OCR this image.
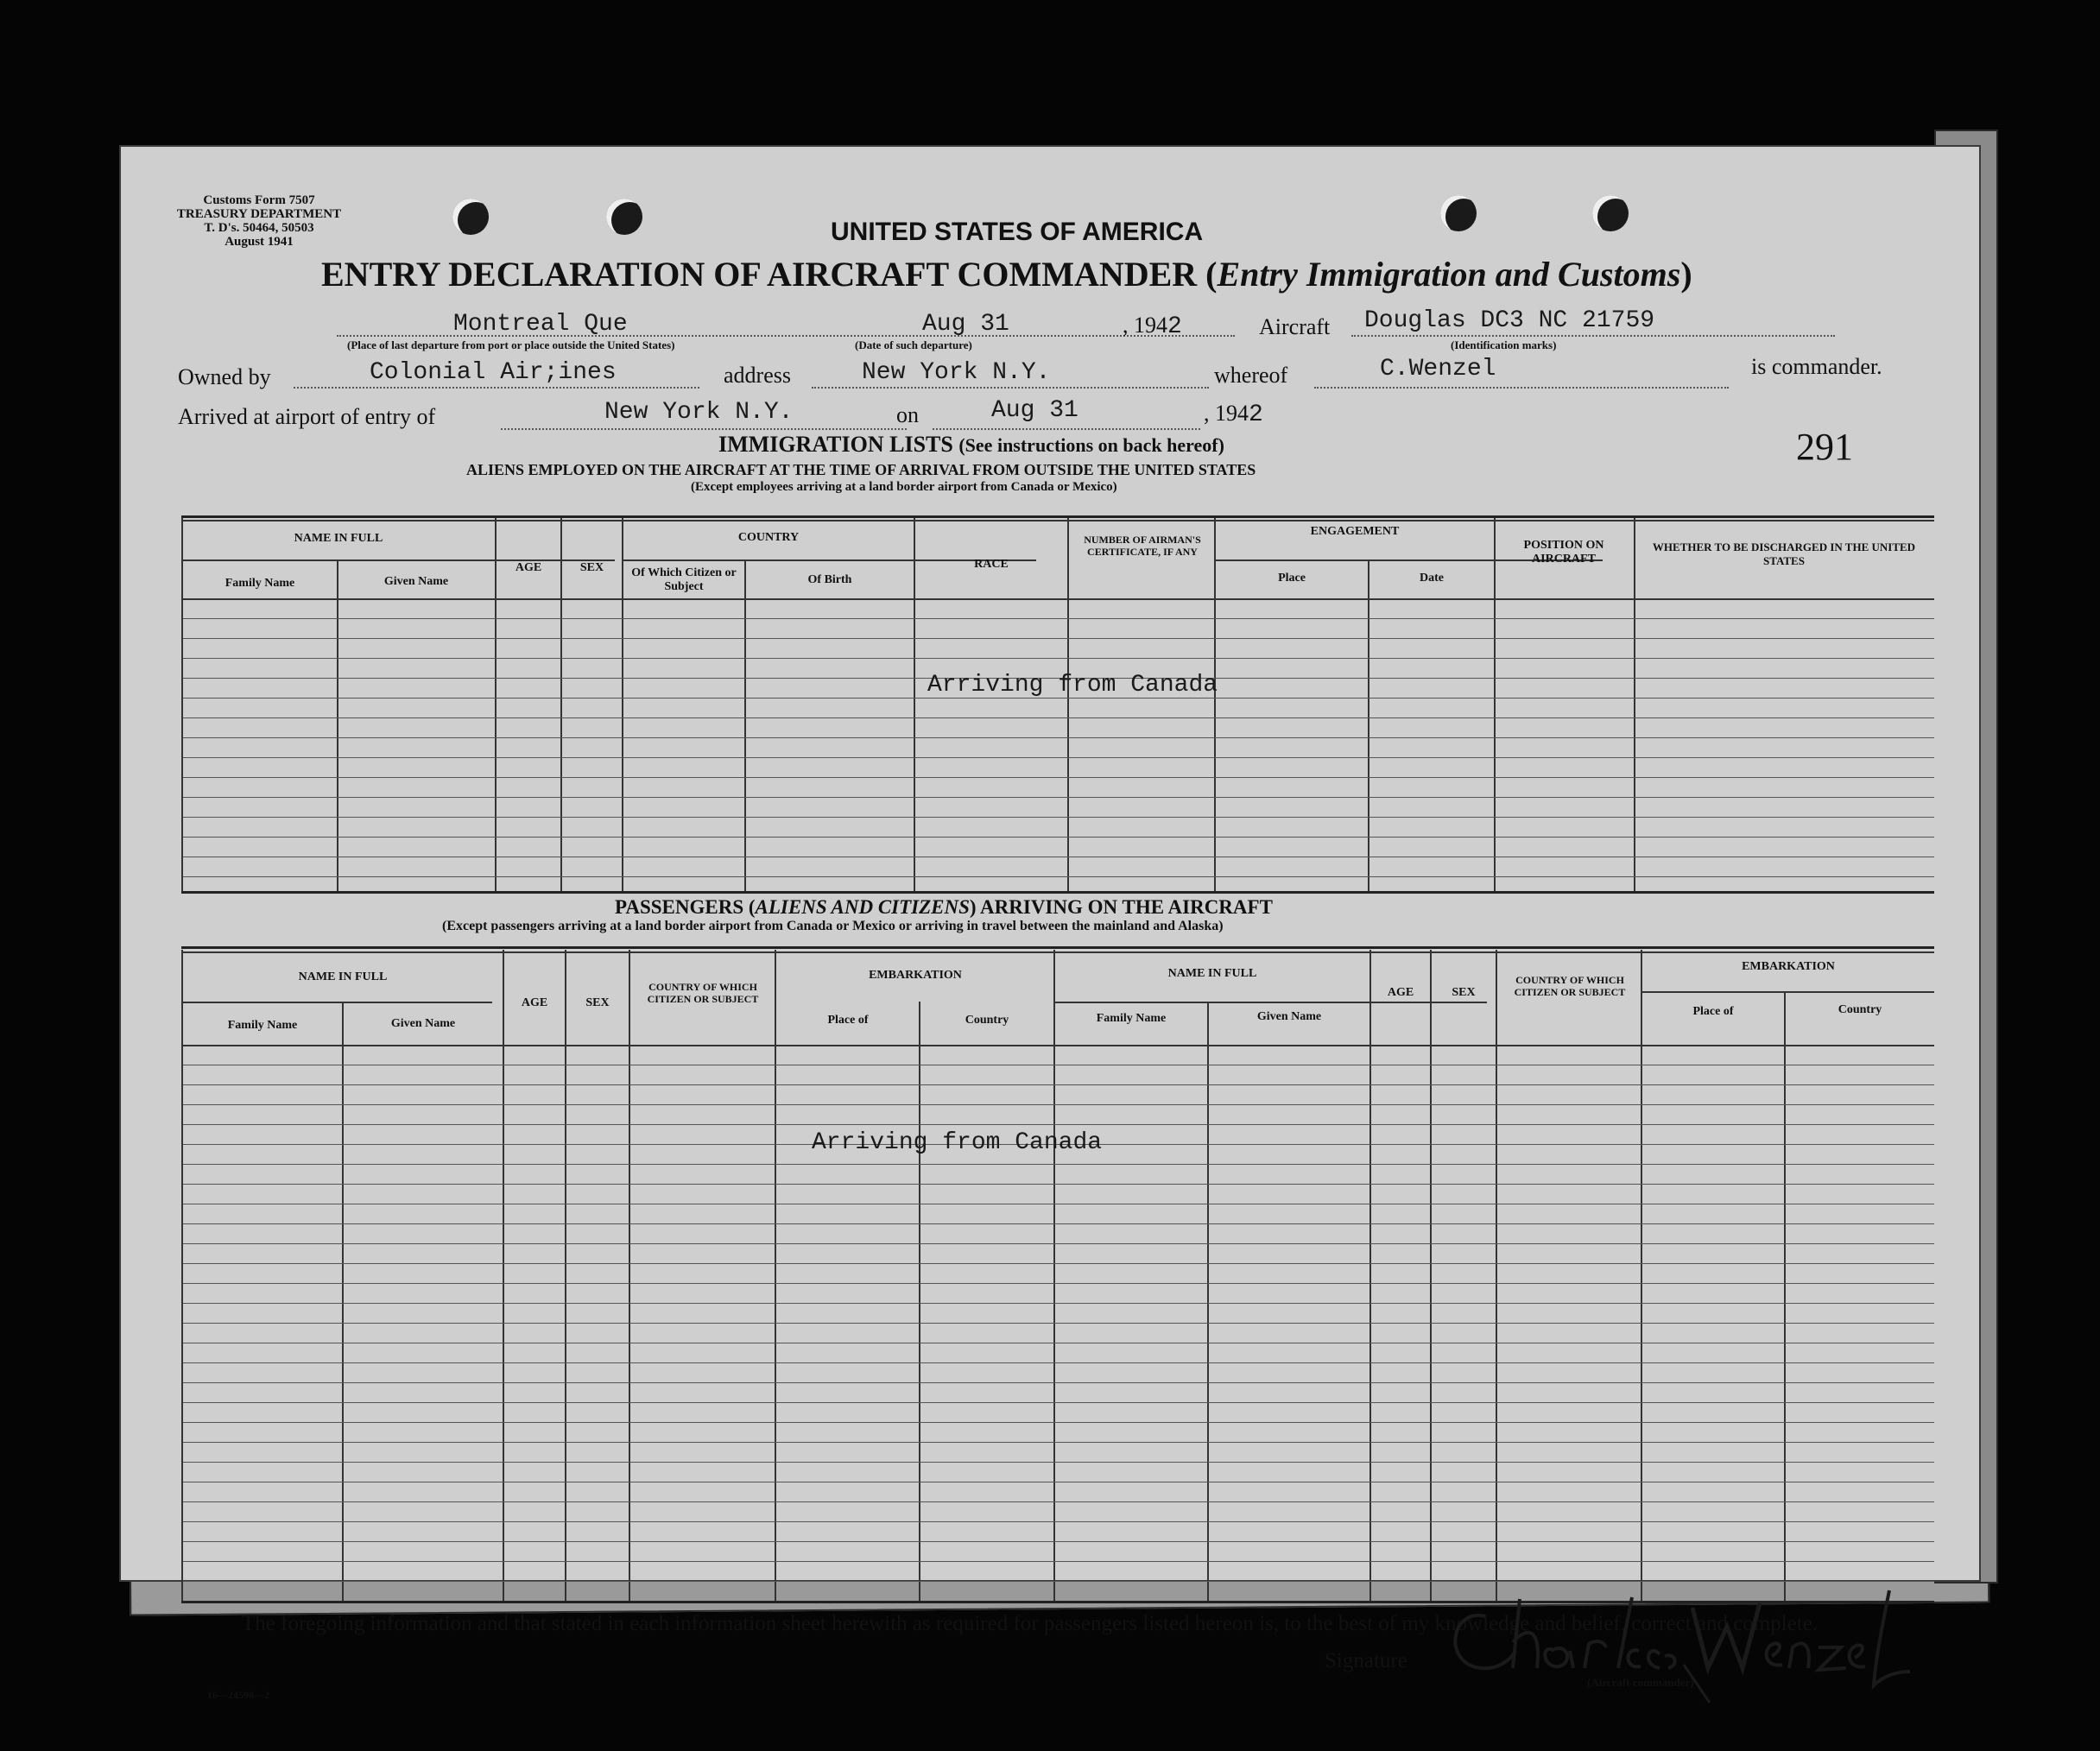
Customs Form 7507
TREASURY DEPARTMENT
T. D's. 50464, 50503
August 1941	UNITED STATES OF AMERICA
ENTRY DECLARATION OF AIRCRAFT COMMANDER (Entry Immigration and Customs)
Montreal Que
(Place of last departure from port or place outside the United States)
Aug 31
(Date of such departure)
, 1942	Aircraft Douglas DC3 NC 21759
(Identification marks)
Owned by	Colonial Air;ines	address	New York N.Y.	whereof	C.Wenzel	is commander.
Arrived at airport of entry of	New York N.Y.	on	Aug 31	, 1942
291
IMMIGRATION LISTS (See instructions on back hereof)
ALIENS EMPLOYED ON THE AIRCRAFT AT THE TIME OF ARRIVAL FROM OUTSIDE THE UNITED STATES
(Except employees arriving at a land border airport from Canada or Mexico)
NAME IN FULL
Family Name	Given Name
AGE	SEX
COUNTRY
Of Which Citizen or Subject
Of Birth
RACE
NUMBER OF AIRMAN'S CERTIFICATE, IF ANY
ENGAGEMENT
Place	Date
POSITION ON AIRCRAFT
WHETHER TO BE DISCHARGED IN THE UNITED STATES
Arriving from Canada
PASSENGERS (ALIENS AND CITIZENS) ARRIVING ON THE AIRCRAFT
(Except passengers arriving at a land border airport from Canada or Mexico or arriving in travel between the mainland and Alaska)
NAME IN FULL
Family Name	Given Name
AGE	SEX
COUNTRY OF WHICH CITIZEN OR SUBJECT
EMBARKATION
Place of	Country
NAME IN FULL
Family Name	Given Name
AGE	SEX
COUNTRY OF WHICH CITIZEN OR SUBJECT
EMBARKATION
Place of	Country
Arriving from Canada
The foregoing information and that stated in each information sheet herewith as required for passengers listed hereon is, to the best of my knowledge and belief, correct and complete.
Signature
(Aircraft commander)
16—24598—2
